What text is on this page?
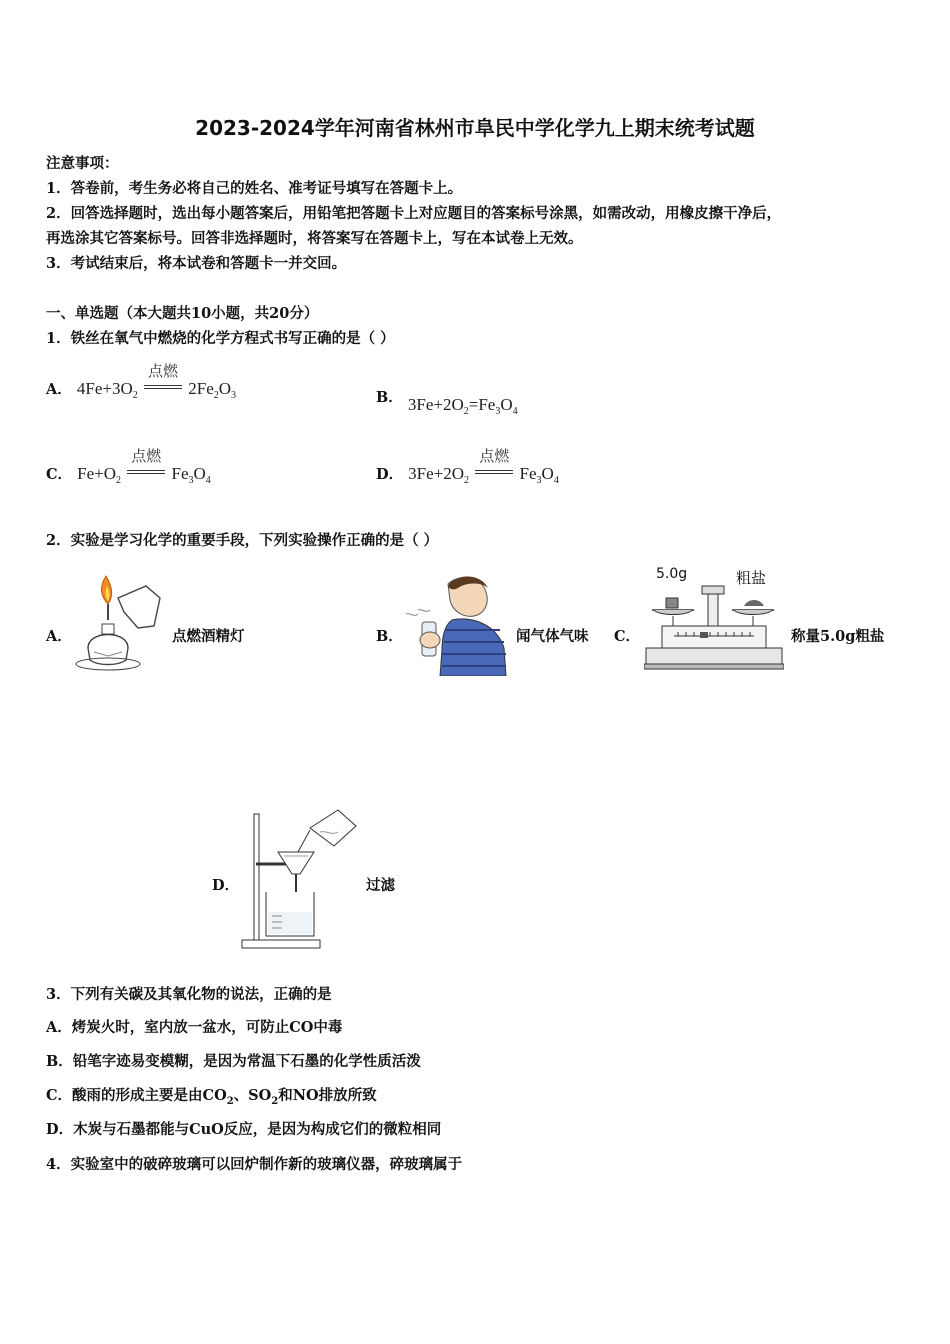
2023-2024学年河南省林州市阜民中学化学九上期末统考试题
注意事项：
1．答卷前，考生务必将自己的姓名、准考证号填写在答题卡上。
2．回答选择题时，选出每小题答案后，用铅笔把答题卡上对应题目的答案标号涂黑，如需改动，用橡皮擦干净后，
再选涂其它答案标号。回答非选择题时，将答案写在答题卡上，写在本试卷上无效。
3．考试结束后，将本试卷和答题卡一并交回。
一、单选题（本大题共10小题，共20分）
1．铁丝在氧气中燃烧的化学方程式书写正确的是（ ）
A． $4Fe+3O_2$
点燃
$2Fe_2O_3$	B． $3Fe+2O_2=Fe_3O_4$
C． $Fe+O_2$
点燃
$Fe_3O_4$	D． $3Fe+2O_2$
点燃
$Fe_3O_4$
2．实验是学习化学的重要手段，下列实验操作正确的是（ ）
A．	点燃酒精灯	B．	闻气体气味 C．
5.0g	粗盐
称量5.0g粗盐
D．	过滤
3．下列有关碳及其氧化物的说法，正确的是
A．烤炭火时，室内放一盆水，可防止CO中毒
B．铅笔字迹易变模糊，是因为常温下石墨的化学性质活泼
C．酸雨的形成主要是由$CO_2$、$SO_2$和NO排放所致
D．木炭与石墨都能与CuO反应，是因为构成它们的微粒相同
4．实验室中的破碎玻璃可以回炉制作新的玻璃仪器，碎玻璃属于
